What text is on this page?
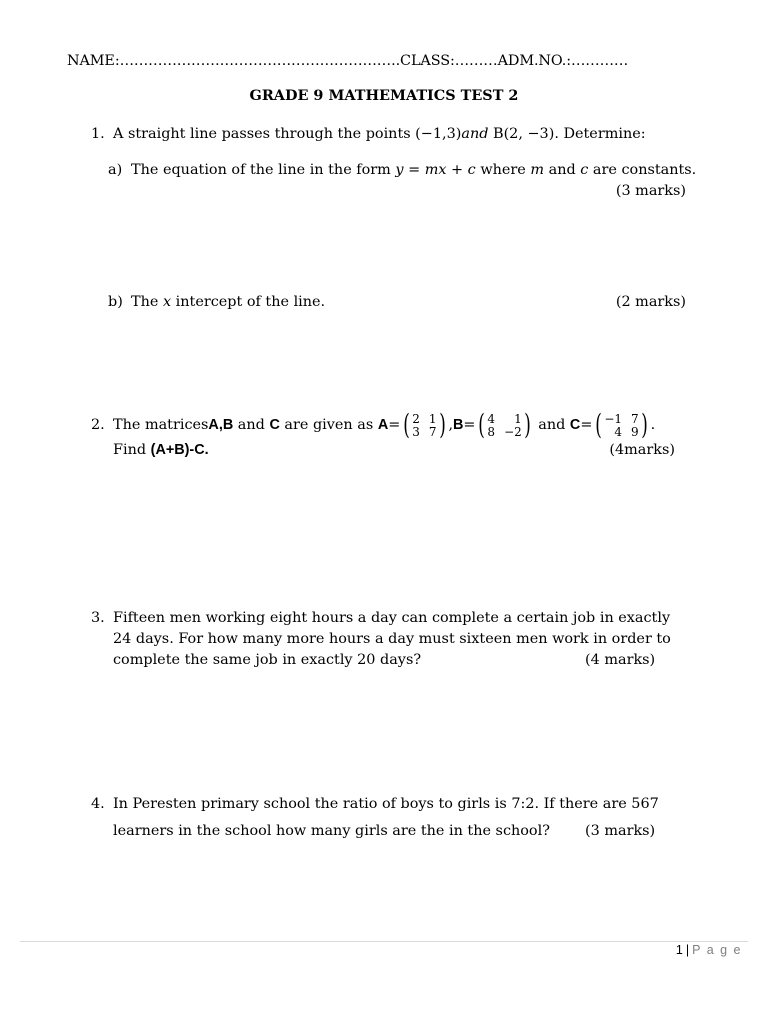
NAME:…………………………………………………..CLASS:………ADM.NO.:…………
GRADE 9 MATHEMATICS TEST 2
1. A straight line passes through the points (−1,3)and B(2, −3). Determine:
a) The equation of the line in the form y = mx + c where m and c are constants.
(3 marks)
b) The x intercept of the line.	(2 marks)
2. The matrices A,B and C are given as A = ( 2 1
3 7 ) , B = ( 4	1
8 −2 ) and C = ( −1 7
4 9 ) .
Find (A+B)-C.	(4marks)
3. Fifteen men working eight hours a day can complete a certain job in exactly
24 days. For how many more hours a day must sixteen men work in order to
complete the same job in exactly 20 days?	(4 marks)
4. In Peresten primary school the ratio of boys to girls is 7:2. If there are 567
learners in the school how many girls are the in the school? (3 marks)
1 | P a g e
